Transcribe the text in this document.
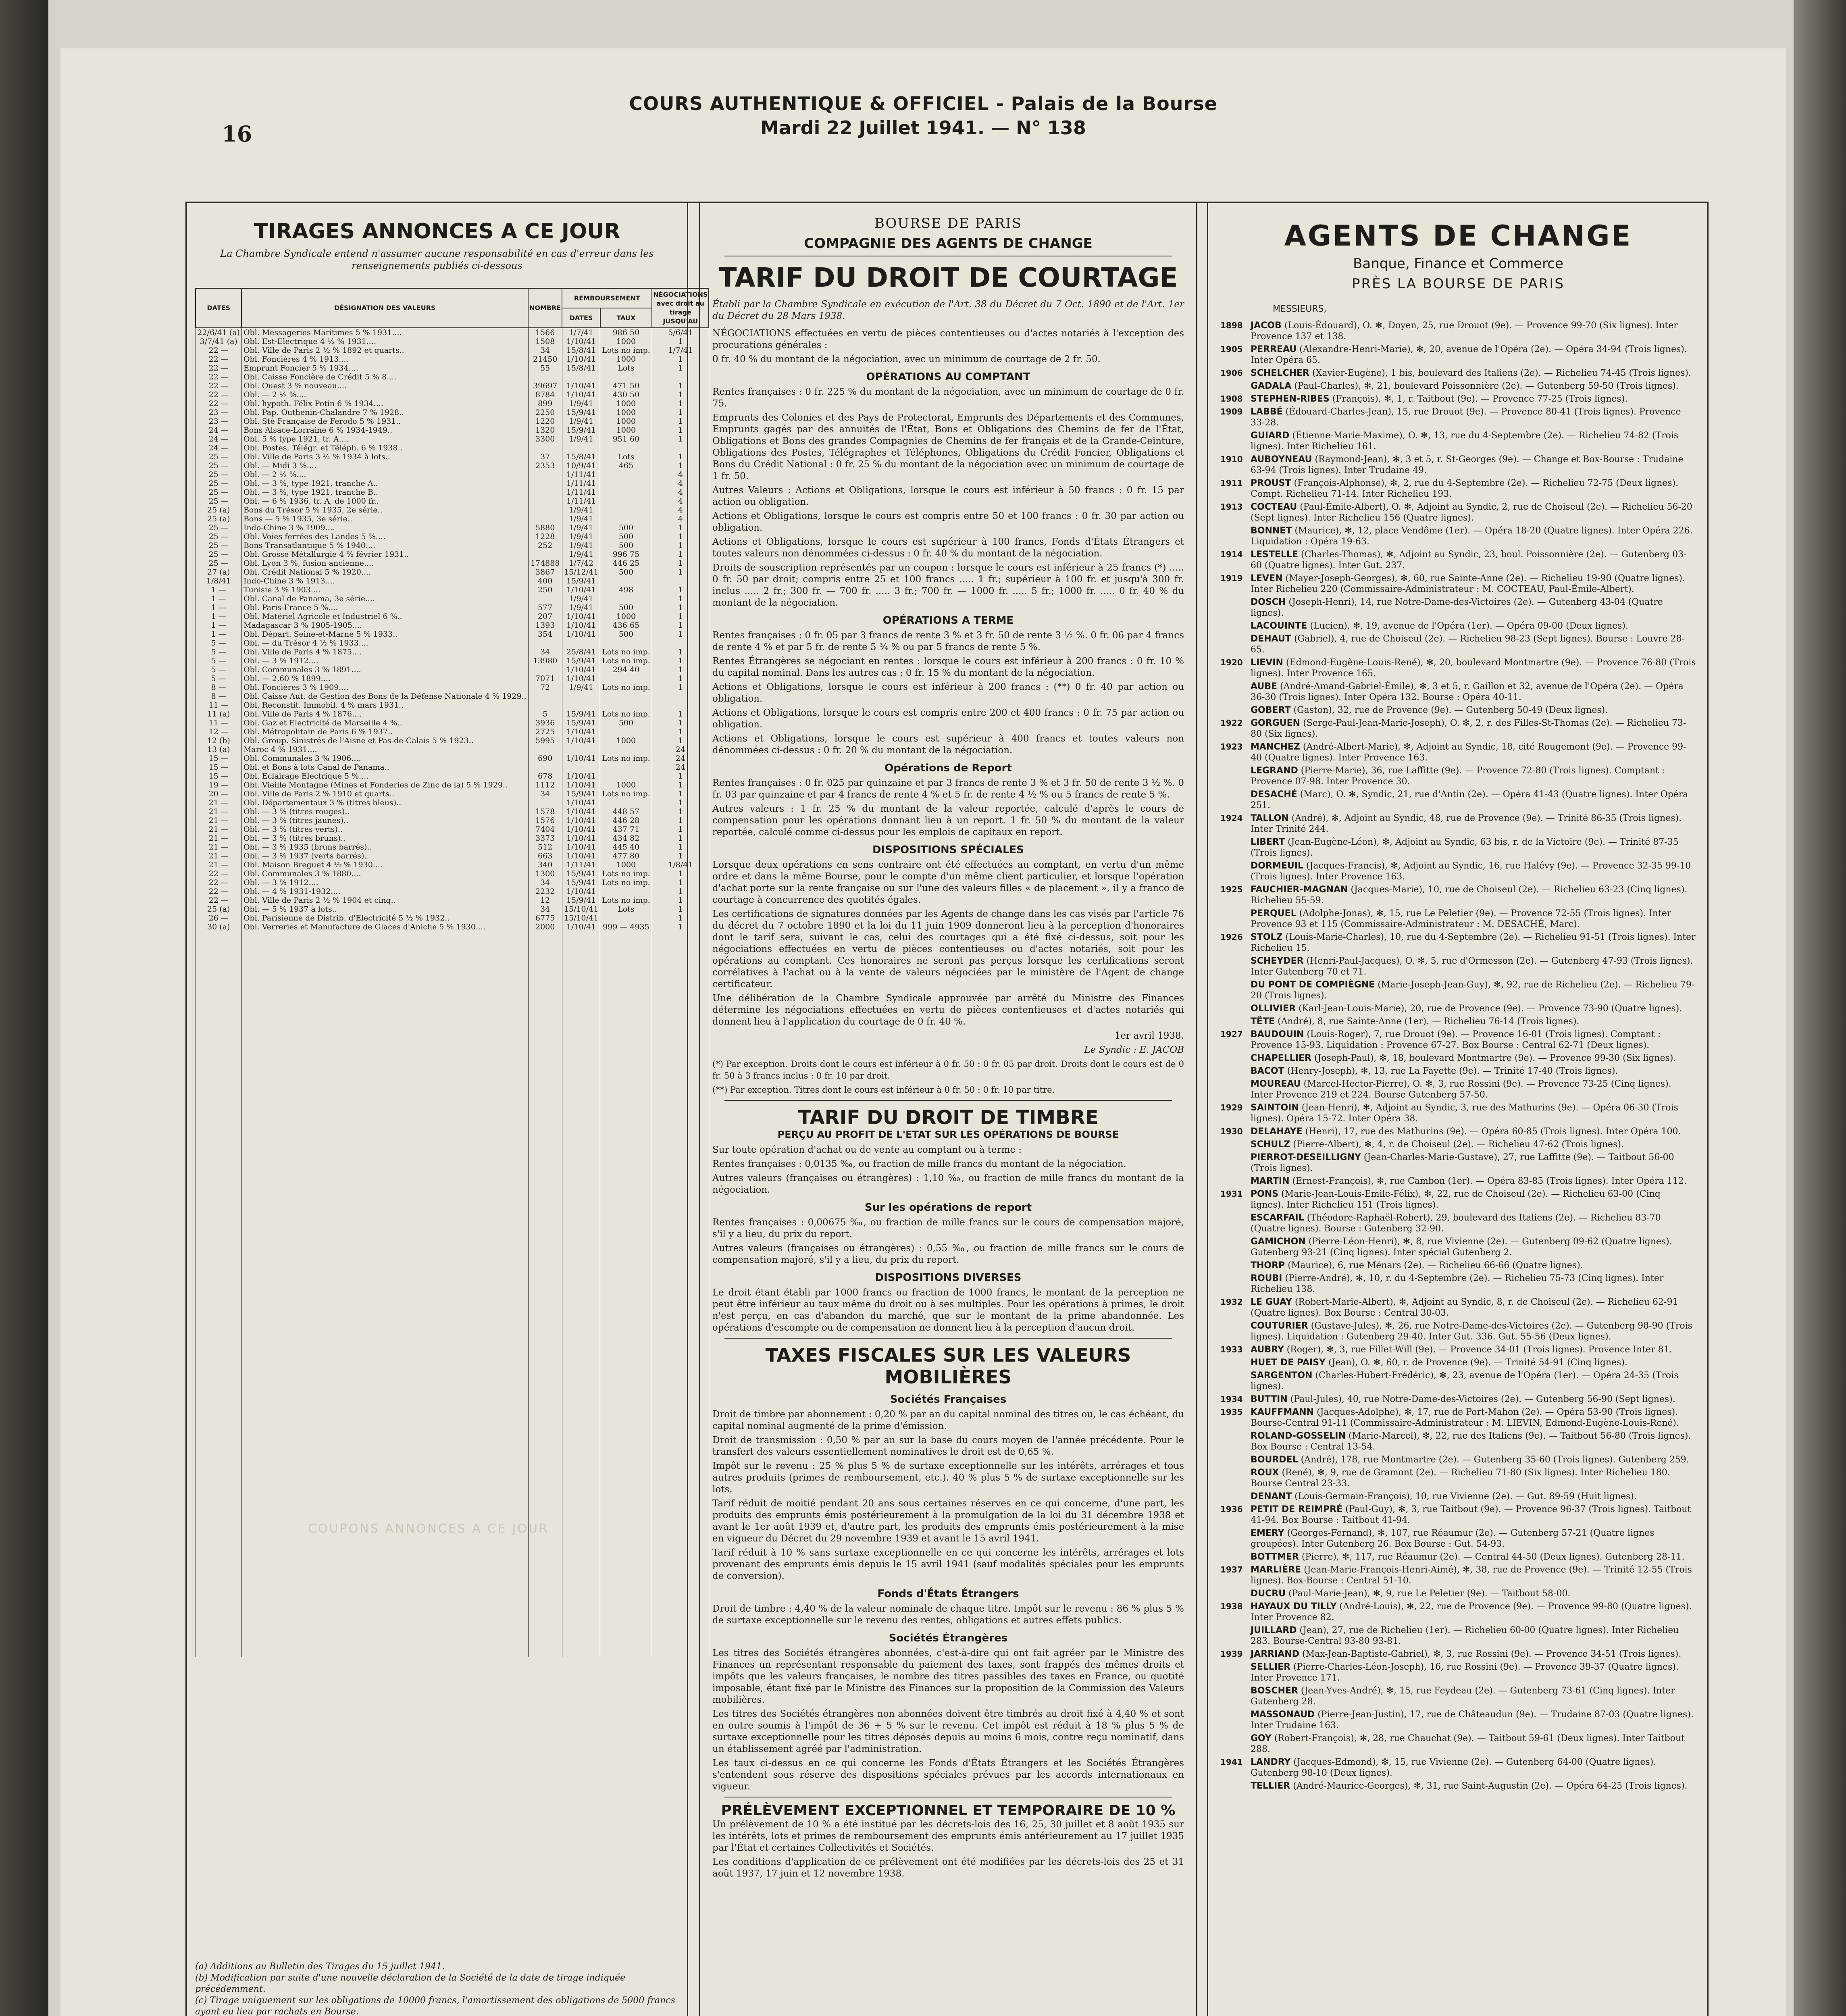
16
COURS AUTHENTIQUE & OFFICIEL - Palais de la Bourse
Mardi 22 Juillet 1941. — N° 138
TIRAGES ANNONCES A CE JOUR
La Chambre Syndicale entend n'assumer aucune responsabilité en cas d'erreur dans les renseignements publiés ci-dessous
DATES	DÉSIGNATION DES VALEURS	NOMBRE	REMBOURSEMENT		NÉGOCIATIONS avec droit au tirage JUSQU'AU
			DATES	TAUX	
22/6/41 (a)	Obl. Messageries Maritimes 5 % 1931....	1566	1/7/41	986 50	5/6/41
3/7/41 (a)	Obl. Est-Electrique 4 ½ % 1931....	1508	1/10/41	1000	1
22 —	Obl. Ville de Paris 2 ½ % 1892 et quarts..	34	15/8/41	Lots no imp.	1/7/41
22 —	Obl. Foncières 4 % 1913....	21450	1/10/41	1000	1
22 —	Emprunt Foncier 5 % 1934....	55	15/8/41	Lots	1
22 —	Obl. Caisse Foncière de Crédit 5 % 8....				
22 —	Obl. Ouest 3 % nouveau....	39697	1/10/41	471 50	1
22 —	Obl. — 2 ½ %....	8784	1/10/41	430 50	1
22 —	Obl. hypoth. Félix Potin 6 % 1934....	899	1/9/41	1000	1
23 —	Obl. Pap. Outhenin-Chalandre 7 % 1928..	2250	15/9/41	1000	1
23 —	Obl. Sté Française de Ferodo 5 % 1931..	1220	1/9/41	1000	1
24 —	Bons Alsace-Lorraine 6 % 1934-1949..	1320	15/9/41	1000	1
24 —	Obl. 5 % type 1921, tr. A....	3300	1/9/41	951 60	1
24 —	Obl. Postes, Télégr. et Téléph. 6 % 1938..				
25 —	Obl. Ville de Paris 3 ¾ % 1934 à lots..	37	15/8/41	Lots	1
25 —	Obl. — Midi 3 %....	2353	10/9/41	465	1
25 —	Obl. — 2 ½ %....		1/11/41		4
25 —	Obl. — 3 %, type 1921, tranche A..		1/11/41		4
25 —	Obl. — 3 %, type 1921, tranche B..		1/11/41		4
25 —	Obl. — 6 % 1936, tr. A, de 1000 fr..		1/11/41		4
25 (a)	Bons du Trésor 5 % 1935, 2e série..		1/9/41		4
25 (a)	Bons — 5 % 1935, 3e série..		1/9/41		4
25 —	Indo-Chine 3 % 1909....	5880	1/9/41	500	1
25 —	Obl. Voies ferrées des Landes 5 %....	1228	1/9/41	500	1
25 —	Bons Transatlantique 5 % 1940....	252	1/9/41	500	1
25 —	Obl. Grosse Métallurgie 4 % février 1931..		1/9/41	996 75	1
25 —	Obl. Lyon 3 %, fusion ancienne....	174888	1/7/42	446 25	1
27 (a)	Obl. Crédit National 5 % 1920....	3867	15/12/41	500	1
1/8/41	Indo-Chine 3 % 1913....	400	15/9/41		
1 —	Tunisie 3 % 1903....	250	1/10/41	498	1
1 —	Obl. Canal de Panama, 3e série....		1/9/41		1
1 —	Obl. Paris-France 5 %....	577	1/9/41	500	1
1 —	Obl. Matériel Agricole et Industriel 6 %..	207	1/10/41	1000	1
1 —	Madagascar 3 % 1905-1905....	1393	1/10/41	436 65	1
1 —	Obl. Départ. Seine-et-Marne 5 % 1933..	354	1/10/41	500	1
5 —	Obl. — du Trésor 4 ½ % 1933....				
5 —	Obl. Ville de Paris 4 % 1875....	34	25/8/41	Lots no imp.	1
5 —	Obl. — 3 % 1912....	13980	15/9/41	Lots no imp.	1
5 —	Obl. Communales 3 % 1891....		1/10/41	294 40	1
5 —	Obl. — 2.60 % 1899....	7071	1/10/41		1
8 —	Obl. Foncières 3 % 1909....	72	1/9/41	Lots no imp.	1
8 —	Obl. Caisse Aut. de Gestion des Bons de la Défense Nationale 4 % 1929..				
11 —	Obl. Reconstit. Immobil. 4 % mars 1931..				
11 (a)	Obl. Ville de Paris 4 % 1876....	5	15/9/41	Lots no imp.	1
11 —	Obl. Gaz et Electricité de Marseille 4 %..	3936	15/9/41	500	1
12 —	Obl. Métropolitain de Paris 6 % 1937..	2725	1/10/41		1
12 (b)	Obl. Group. Sinistrés de l'Aisne et Pas-de-Calais 5 % 1923..	5995	1/10/41	1000	1
13 (a)	Maroc 4 % 1931....				24
15 —	Obl. Communales 3 % 1906....	690	1/10/41	Lots no imp.	24
15 —	Obl. et Bons à lots Canal de Panama..				24
15 —	Obl. Eclairage Electrique 5 %....	678	1/10/41		1
19 —	Obl. Vieille Montagne (Mines et Fonderies de Zinc de la) 5 % 1929..	1112	1/10/41	1000	1
20 —	Obl. Ville de Paris 2 % 1910 et quarts..	34	15/9/41	Lots no imp.	1
21 —	Obl. Départementaux 3 % (titres bleus)..		1/10/41		1
21 —	Obl. — 3 % (titres rouges)..	1578	1/10/41	448 57	1
21 —	Obl. — 3 % (titres jaunes)..	1576	1/10/41	446 28	1
21 —	Obl. — 3 % (titres verts)..	7404	1/10/41	437 71	1
21 —	Obl. — 3 % (titres bruns)..	3373	1/10/41	434 82	1
21 —	Obl. — 3 % 1935 (bruns barrés)..	512	1/10/41	445 40	1
21 —	Obl. — 3 % 1937 (verts barrés)..	663	1/10/41	477 80	1
21 —	Obl. Maison Breguet 4 ½ % 1930....	340	1/11/41	1000	1/8/41
22 —	Obl. Communales 3 % 1880....	1300	15/9/41	Lots no imp.	1
22 —	Obl. — 3 % 1912....	34	15/9/41	Lots no imp.	1
22 —	Obl. — 4 % 1931-1932....	2232	1/10/41		1
22 —	Obl. Ville de Paris 2 ½ % 1904 et cinq..	12	15/9/41	Lots no imp.	1
25 (a)	Obl. — 5 % 1937 à lots..	34	15/10/41	Lots	1
26 —	Obl. Parisienne de Distrib. d'Electricité 5 ½ % 1932..	6775	15/10/41		1
30 (a)	Obl. Verreries et Manufacture de Glaces d'Aniche 5 % 1930....	2000	1/10/41	999 — 4935	1

COUPONS ANNONCES A CE JOUR
(a) Additions au Bulletin des Tirages du 15 juillet 1941.
(b) Modification par suite d'une nouvelle déclaration de la Société de la date de tirage indiquée précédemment.
(c) Tirage uniquement sur les obligations de 10000 francs, l'amortissement des obligations de 5000 francs ayant eu lieu par rachats en Bourse.
BOURSE DE PARIS
COMPAGNIE DES AGENTS DE CHANGE
TARIF DU DROIT DE COURTAGE

Établi par la Chambre Syndicale en exécution de l'Art. 38 du Décret du 7 Oct. 1890 et de l'Art. 1er du Décret du 28 Mars 1938.

NÉGOCIATIONS effectuées en vertu de pièces contentieuses ou d'actes notariés à l'exception des procurations générales :

0 fr. 40 % du montant de la négociation, avec un minimum de courtage de 2 fr. 50.

OPÉRATIONS AU COMPTANT

Rentes françaises : 0 fr. 225 % du montant de la négociation, avec un minimum de courtage de 0 fr. 75.

Emprunts des Colonies et des Pays de Protectorat, Emprunts des Départements et des Communes, Emprunts gagés par des annuités de l'État, Bons et Obligations des Chemins de fer de l'État, Obligations et Bons des grandes Compagnies de Chemins de fer français et de la Grande-Ceinture, Obligations des Postes, Télégraphes et Téléphones, Obligations du Crédit Foncier, Obligations et Bons du Crédit National : 0 fr. 25 % du montant de la négociation avec un minimum de courtage de 1 fr. 50.

Autres Valeurs : Actions et Obligations, lorsque le cours est inférieur à 50 francs : 0 fr. 15 par action ou obligation.

Actions et Obligations, lorsque le cours est compris entre 50 et 100 francs : 0 fr. 30 par action ou obligation.

Actions et Obligations, lorsque le cours est supérieur à 100 francs, Fonds d'États Étrangers et toutes valeurs non dénommées ci-dessus : 0 fr. 40 % du montant de la négociation.

Droits de souscription représentés par un coupon : lorsque le cours est inférieur à 25 francs (*) ..... 0 fr. 50 par droit; compris entre 25 et 100 francs ..... 1 fr.; supérieur à 100 fr. et jusqu'à 300 fr. inclus ..... 2 fr.; 300 fr. — 700 fr. ..... 3 fr.; 700 fr. — 1000 fr. ..... 5 fr.; 1000 fr. ..... 0 fr. 40 % du montant de la négociation.

OPÉRATIONS A TERME

Rentes françaises : 0 fr. 05 par 3 francs de rente 3 % et 3 fr. 50 de rente 3 ½ %. 0 fr. 06 par 4 francs de rente 4 % et par 5 fr. de rente 5 ¾ % ou par 5 francs de rente 5 %.

Rentes Étrangères se négociant en rentes : lorsque le cours est inférieur à 200 francs : 0 fr. 10 % du capital nominal. Dans les autres cas : 0 fr. 15 % du montant de la négociation.

Actions et Obligations, lorsque le cours est inférieur à 200 francs : (**) 0 fr. 40 par action ou obligation.

Actions et Obligations, lorsque le cours est compris entre 200 et 400 francs : 0 fr. 75 par action ou obligation.

Actions et Obligations, lorsque le cours est supérieur à 400 francs et toutes valeurs non dénommées ci-dessus : 0 fr. 20 % du montant de la négociation.

Opérations de Report

Rentes françaises : 0 fr. 025 par quinzaine et par 3 francs de rente 3 % et 3 fr. 50 de rente 3 ½ %. 0 fr. 03 par quinzaine et par 4 francs de rente 4 % et 5 fr. de rente 4 ½ % ou 5 francs de rente 5 %.

Autres valeurs : 1 fr. 25 % du montant de la valeur reportée, calculé d'après le cours de compensation pour les opérations donnant lieu à un report. 1 fr. 50 % du montant de la valeur reportée, calculé comme ci-dessus pour les emplois de capitaux en report.

DISPOSITIONS SPÉCIALES

Lorsque deux opérations en sens contraire ont été effectuées au comptant, en vertu d'un même ordre et dans la même Bourse, pour le compte d'un même client particulier, et lorsque l'opération d'achat porte sur la rente française ou sur l'une des valeurs filles « de placement », il y a franco de courtage à concurrence des quotités égales.

Les certifications de signatures données par les Agents de change dans les cas visés par l'article 76 du décret du 7 octobre 1890 et la loi du 11 juin 1909 donneront lieu à la perception d'honoraires dont le tarif sera, suivant le cas, celui des courtages qui a été fixé ci-dessus, soit pour les négociations effectuées en vertu de pièces contentieuses ou d'actes notariés, soit pour les opérations au comptant. Ces honoraires ne seront pas perçus lorsque les certifications seront corrélatives à l'achat ou à la vente de valeurs négociées par le ministère de l'Agent de change certificateur.

Une délibération de la Chambre Syndicale approuvée par arrêté du Ministre des Finances détermine les négociations effectuées en vertu de pièces contentieuses et d'actes notariés qui donnent lieu à l'application du courtage de 0 fr. 40 %.

1er avril 1938.

Le Syndic : E. JACOB

(*) Par exception. Droits dont le cours est inférieur à 0 fr. 50 : 0 fr. 05 par droit. Droits dont le cours est de 0 fr. 50 à 3 francs inclus : 0 fr. 10 par droit.

(**) Par exception. Titres dont le cours est inférieur à 0 fr. 50 : 0 fr. 10 par titre.

TARIF DU DROIT DE TIMBRE
PERÇU AU PROFIT DE L'ETAT SUR LES OPÉRATIONS DE BOURSE

Sur toute opération d'achat ou de vente au comptant ou à terme :

Rentes françaises : 0,0135 ‰, ou fraction de mille francs du montant de la négociation.

Autres valeurs (françaises ou étrangères) : 1,10 ‰, ou fraction de mille francs du montant de la négociation.

Sur les opérations de report

Rentes françaises : 0,00675 ‰, ou fraction de mille francs sur le cours de compensation majoré, s'il y a lieu, du prix du report.

Autres valeurs (françaises ou étrangères) : 0,55 ‰, ou fraction de mille francs sur le cours de compensation majoré, s'il y a lieu, du prix du report.

DISPOSITIONS DIVERSES

Le droit étant établi par 1000 francs ou fraction de 1000 francs, le montant de la perception ne peut être inférieur au taux même du droit ou à ses multiples. Pour les opérations à primes, le droit n'est perçu, en cas d'abandon du marché, que sur le montant de la prime abandonnée. Les opérations d'escompte ou de compensation ne donnent lieu à la perception d'aucun droit.

TAXES FISCALES SUR LES VALEURS MOBILIÈRES
Sociétés Françaises

Droit de timbre par abonnement : 0,20 % par an du capital nominal des titres ou, le cas échéant, du capital nominal augmenté de la prime d'émission.

Droit de transmission : 0,50 % par an sur la base du cours moyen de l'année précédente. Pour le transfert des valeurs essentiellement nominatives le droit est de 0,65 %.

Impôt sur le revenu : 25 % plus 5 % de surtaxe exceptionnelle sur les intérêts, arrérages et tous autres produits (primes de remboursement, etc.). 40 % plus 5 % de surtaxe exceptionnelle sur les lots.

Tarif réduit de moitié pendant 20 ans sous certaines réserves en ce qui concerne, d'une part, les produits des emprunts émis postérieurement à la promulgation de la loi du 31 décembre 1938 et avant le 1er août 1939 et, d'autre part, les produits des emprunts émis postérieurement à la mise en vigueur du Décret du 29 novembre 1939 et avant le 15 avril 1941.

Tarif réduit à 10 % sans surtaxe exceptionnelle en ce qui concerne les intérêts, arrérages et lots provenant des emprunts émis depuis le 15 avril 1941 (sauf modalités spéciales pour les emprunts de conversion).

Fonds d'États Étrangers

Droit de timbre : 4,40 % de la valeur nominale de chaque titre. Impôt sur le revenu : 86 % plus 5 % de surtaxe exceptionnelle sur le revenu des rentes, obligations et autres effets publics.

Sociétés Étrangères

Les titres des Sociétés étrangères abonnées, c'est-à-dire qui ont fait agréer par le Ministre des Finances un représentant responsable du paiement des taxes, sont frappés des mêmes droits et impôts que les valeurs françaises, le nombre des titres passibles des taxes en France, ou quotité imposable, étant fixé par le Ministre des Finances sur la proposition de la Commission des Valeurs mobilières.

Les titres des Sociétés étrangères non abonnées doivent être timbrés au droit fixé à 4,40 % et sont en outre soumis à l'impôt de 36 + 5 % sur le revenu. Cet impôt est réduit à 18 % plus 5 % de surtaxe exceptionnelle pour les titres déposés depuis au moins 6 mois, contre reçu nominatif, dans un établissement agréé par l'administration.

Les taux ci-dessus en ce qui concerne les Fonds d'États Étrangers et les Sociétés Étrangères s'entendent sous réserve des dispositions spéciales prévues par les accords internationaux en vigueur.

PRÉLÈVEMENT EXCEPTIONNEL ET TEMPORAIRE DE 10 %

Un prélèvement de 10 % a été institué par les décrets-lois des 16, 25, 30 juillet et 8 août 1935 sur les intérêts, lots et primes de remboursement des emprunts émis antérieurement au 17 juillet 1935 par l'État et certaines Collectivités et Sociétés.

Les conditions d'application de ce prélèvement ont été modifiées par les décrets-lois des 25 et 31 août 1937, 17 juin et 12 novembre 1938.

AGENTS DE CHANGE
Banque, Finance et Commerce
PRÈS LA BOURSE DE PARIS
MESSIEURS,
1898 JACOB (Louis-Édouard), O. ✻, Doyen, 25, rue Drouot (9e). — Provence 99-70 (Six lignes). Inter Provence 137 et 138.
1905 PERREAU (Alexandre-Henri-Marie), ✻, 20, avenue de l'Opéra (2e). — Opéra 34-94 (Trois lignes). Inter Opéra 65.
1906 SCHELCHER (Xavier-Eugène), 1 bis, boulevard des Italiens (2e). — Richelieu 74-45 (Trois lignes).
GADALA (Paul-Charles), ✻, 21, boulevard Poissonnière (2e). — Gutenberg 59-50 (Trois lignes).
1908 STEPHEN-RIBES (François), ✻, 1, r. Taitbout (9e). — Provence 77-25 (Trois lignes).
1909 LABBÉ (Édouard-Charles-Jean), 15, rue Drouot (9e). — Provence 80-41 (Trois lignes). Provence 33-28.
GUIARD (Étienne-Marie-Maxime), O. ✻, 13, rue du 4-Septembre (2e). — Richelieu 74-82 (Trois lignes). Inter Richelieu 161.
1910 AUBOYNEAU (Raymond-Jean), ✻, 3 et 5, r. St-Georges (9e). — Change et Box-Bourse : Trudaine 63-94 (Trois lignes). Inter Trudaine 49.
1911 PROUST (François-Alphonse), ✻, 2, rue du 4-Septembre (2e). — Richelieu 72-75 (Deux lignes). Compt. Richelieu 71-14. Inter Richelieu 193.
1913 COCTEAU (Paul-Émile-Albert), O. ✻, Adjoint au Syndic, 2, rue de Choiseul (2e). — Richelieu 56-20 (Sept lignes). Inter Richelieu 156 (Quatre lignes).
BONNET (Maurice), ✻, 12, place Vendôme (1er). — Opéra 18-20 (Quatre lignes). Inter Opéra 226. Liquidation : Opéra 19-63.
1914 LESTELLE (Charles-Thomas), ✻, Adjoint au Syndic, 23, boul. Poissonnière (2e). — Gutenberg 03-60 (Quatre lignes). Inter Gut. 237.
1919 LEVEN (Mayer-Joseph-Georges), ✻, 60, rue Sainte-Anne (2e). — Richelieu 19-90 (Quatre lignes). Inter Richelieu 220 (Commissaire-Administrateur : M. COCTEAU, Paul-Émile-Albert).
DOSCH (Joseph-Henri), 14, rue Notre-Dame-des-Victoires (2e). — Gutenberg 43-04 (Quatre lignes).
LACOUINTE (Lucien), ✻, 19, avenue de l'Opéra (1er). — Opéra 09-00 (Deux lignes).
DEHAUT (Gabriel), 4, rue de Choiseul (2e). — Richelieu 98-23 (Sept lignes). Bourse : Louvre 28-65.
1920 LIEVIN (Edmond-Eugène-Louis-René), ✻, 20, boulevard Montmartre (9e). — Provence 76-80 (Trois lignes). Inter Provence 165.
AUBE (André-Amand-Gabriel-Émile), ✻, 3 et 5, r. Gaillon et 32, avenue de l'Opéra (2e). — Opéra 36-30 (Trois lignes). Inter Opéra 132. Bourse : Opéra 40-11.
GOBERT (Gaston), 32, rue de Provence (9e). — Gutenberg 50-49 (Deux lignes).
1922 GORGUEN (Serge-Paul-Jean-Marie-Joseph), O. ✻, 2, r. des Filles-St-Thomas (2e). — Richelieu 73-80 (Six lignes).
1923 MANCHEZ (André-Albert-Marie), ✻, Adjoint au Syndic, 18, cité Rougemont (9e). — Provence 99-40 (Quatre lignes). Inter Provence 163.
LEGRAND (Pierre-Marie), 36, rue Laffitte (9e). — Provence 72-80 (Trois lignes). Comptant : Provence 07-98. Inter Provence 30.
DESACHÉ (Marc), O. ✻, Syndic, 21, rue d'Antin (2e). — Opéra 41-43 (Quatre lignes). Inter Opéra 251.
1924 TALLON (André), ✻, Adjoint au Syndic, 48, rue de Provence (9e). — Trinité 86-35 (Trois lignes). Inter Trinité 244.
LIBERT (Jean-Eugène-Léon), ✻, Adjoint au Syndic, 63 bis, r. de la Victoire (9e). — Trinité 87-35 (Trois lignes).
DORMEUIL (Jacques-Francis), ✻, Adjoint au Syndic, 16, rue Halévy (9e). — Provence 32-35 99-10 (Trois lignes). Inter Provence 163.
1925 FAUCHIER-MAGNAN (Jacques-Marie), 10, rue de Choiseul (2e). — Richelieu 63-23 (Cinq lignes). Richelieu 55-59.
PERQUEL (Adolphe-Jonas), ✻, 15, rue Le Peletier (9e). — Provence 72-55 (Trois lignes). Inter Provence 93 et 115 (Commissaire-Administrateur : M. DESACHÉ, Marc).
1926 STOLZ (Louis-Marie-Charles), 10, rue du 4-Septembre (2e). — Richelieu 91-51 (Trois lignes). Inter Richelieu 15.
SCHEYDER (Henri-Paul-Jacques), O. ✻, 5, rue d'Ormesson (2e). — Gutenberg 47-93 (Trois lignes). Inter Gutenberg 70 et 71.
DU PONT DE COMPIÈGNE (Marie-Joseph-Jean-Guy), ✻, 92, rue de Richelieu (2e). — Richelieu 79-20 (Trois lignes).
OLLIVIER (Karl-Jean-Louis-Marie), 20, rue de Provence (9e). — Provence 73-90 (Quatre lignes).
TÊTE (André), 8, rue Sainte-Anne (1er). — Richelieu 76-14 (Trois lignes).
1927 BAUDOUIN (Louis-Roger), 7, rue Drouot (9e). — Provence 16-01 (Trois lignes). Comptant : Provence 15-93. Liquidation : Provence 67-27. Box Bourse : Central 62-71 (Deux lignes).
CHAPELLIER (Joseph-Paul), ✻, 18, boulevard Montmartre (9e). — Provence 99-30 (Six lignes).
BACOT (Henry-Joseph), ✻, 13, rue La Fayette (9e). — Trinité 17-40 (Trois lignes).
MOUREAU (Marcel-Hector-Pierre), O. ✻, 3, rue Rossini (9e). — Provence 73-25 (Cinq lignes). Inter Provence 219 et 224. Bourse Gutenberg 57-50.
1929 SAINTOIN (Jean-Henri), ✻, Adjoint au Syndic, 3, rue des Mathurins (9e). — Opéra 06-30 (Trois lignes). Opéra 15-72. Inter Opéra 38.
1930 DELAHAYE (Henri), 17, rue des Mathurins (9e). — Opéra 60-85 (Trois lignes). Inter Opéra 100.
SCHULZ (Pierre-Albert), ✻, 4, r. de Choiseul (2e). — Richelieu 47-62 (Trois lignes).
PIERROT-DESEILLIGNY (Jean-Charles-Marie-Gustave), 27, rue Laffitte (9e). — Taitbout 56-00 (Trois lignes).
MARTIN (Ernest-François), ✻, rue Cambon (1er). — Opéra 83-85 (Trois lignes). Inter Opéra 112.
1931 PONS (Marie-Jean-Louis-Emile-Félix), ✻, 22, rue de Choiseul (2e). — Richelieu 63-00 (Cinq lignes). Inter Richelieu 151 (Trois lignes).
ESCARFAIL (Théodore-Raphaël-Robert), 29, boulevard des Italiens (2e). — Richelieu 83-70 (Quatre lignes). Bourse : Gutenberg 32-90.
GAMICHON (Pierre-Léon-Henri), ✻, 8, rue Vivienne (2e). — Gutenberg 09-62 (Quatre lignes). Gutenberg 93-21 (Cinq lignes). Inter spécial Gutenberg 2.
THORP (Maurice), 6, rue Ménars (2e). — Richelieu 66-66 (Quatre lignes).
ROUBI (Pierre-André), ✻, 10, r. du 4-Septembre (2e). — Richelieu 75-73 (Cinq lignes). Inter Richelieu 138.
1932 LE GUAY (Robert-Marie-Albert), ✻, Adjoint au Syndic, 8, r. de Choiseul (2e). — Richelieu 62-91 (Quatre lignes). Box Bourse : Central 30-03.
COUTURIER (Gustave-Jules), ✻, 26, rue Notre-Dame-des-Victoires (2e). — Gutenberg 98-90 (Trois lignes). Liquidation : Gutenberg 29-40. Inter Gut. 336. Gut. 55-56 (Deux lignes).
1933 AUBRY (Roger), ✻, 3, rue Fillet-Will (9e). — Provence 34-01 (Trois lignes). Provence Inter 81.
HUET DE PAISY (Jean), O. ✻, 60, r. de Provence (9e). — Trinité 54-91 (Cinq lignes).
SARGENTON (Charles-Hubert-Frédéric), ✻, 23, avenue de l'Opéra (1er). — Opéra 24-35 (Trois lignes).
1934 BUTTIN (Paul-Jules), 40, rue Notre-Dame-des-Victoires (2e). — Gutenberg 56-90 (Sept lignes).
1935 KAUFFMANN (Jacques-Adolphe), ✻, 17, rue de Port-Mahon (2e). — Opéra 53-90 (Trois lignes). Bourse-Central 91-11 (Commissaire-Administrateur : M. LIEVIN, Edmond-Eugène-Louis-René).
ROLAND-GOSSELIN (Marie-Marcel), ✻, 22, rue des Italiens (9e). — Taitbout 56-80 (Trois lignes). Box Bourse : Central 13-54.
BOURDEL (André), 178, rue Montmartre (2e). — Gutenberg 35-60 (Trois lignes). Gutenberg 259.
ROUX (René), ✻, 9, rue de Gramont (2e). — Richelieu 71-80 (Six lignes). Inter Richelieu 180. Bourse Central 23-33.
DENANT (Louis-Germain-François), 10, rue Vivienne (2e). — Gut. 89-59 (Huit lignes).
1936 PETIT DE REIMPRÉ (Paul-Guy), ✻, 3, rue Taitbout (9e). — Provence 96-37 (Trois lignes). Taitbout 41-94. Box Bourse : Taitbout 41-94.
EMERY (Georges-Fernand), ✻, 107, rue Réaumur (2e). — Gutenberg 57-21 (Quatre lignes groupées). Inter Gutenberg 26. Box Bourse : Gut. 54-93.
BOTTMER (Pierre), ✻, 117, rue Réaumur (2e). — Central 44-50 (Deux lignes). Gutenberg 28-11.
1937 MARLIÈRE (Jean-Marie-François-Henri-Aimé), ✻, 38, rue de Provence (9e). — Trinité 12-55 (Trois lignes). Box-Bourse : Central 51-10.
DUCRU (Paul-Marie-Jean), ✻, 9, rue Le Peletier (9e). — Taitbout 58-00.
1938 HAYAUX DU TILLY (André-Louis), ✻, 22, rue de Provence (9e). — Provence 99-80 (Quatre lignes). Inter Provence 82.
JUILLARD (Jean), 27, rue de Richelieu (1er). — Richelieu 60-00 (Quatre lignes). Inter Richelieu 283. Bourse-Central 93-80 93-81.
1939 JARRIAND (Max-Jean-Baptiste-Gabriel), ✻, 3, rue Rossini (9e). — Provence 34-51 (Trois lignes).
SELLIER (Pierre-Charles-Léon-Joseph), 16, rue Rossini (9e). — Provence 39-37 (Quatre lignes). Inter Provence 171.
BOSCHER (Jean-Yves-André), ✻, 15, rue Feydeau (2e). — Gutenberg 73-61 (Cinq lignes). Inter Gutenberg 28.
MASSONAUD (Pierre-Jean-Justin), 17, rue de Châteaudun (9e). — Trudaine 87-03 (Quatre lignes). Inter Trudaine 163.
GOY (Robert-François), ✻, 28, rue Chauchat (9e). — Taitbout 59-61 (Deux lignes). Inter Taitbout 288.
1941 LANDRY (Jacques-Edmond), ✻, 15, rue Vivienne (2e). — Gutenberg 64-00 (Quatre lignes). Gutenberg 98-10 (Deux lignes).
TELLIER (André-Maurice-Georges), ✻, 31, rue Saint-Augustin (2e). — Opéra 64-25 (Trois lignes).
